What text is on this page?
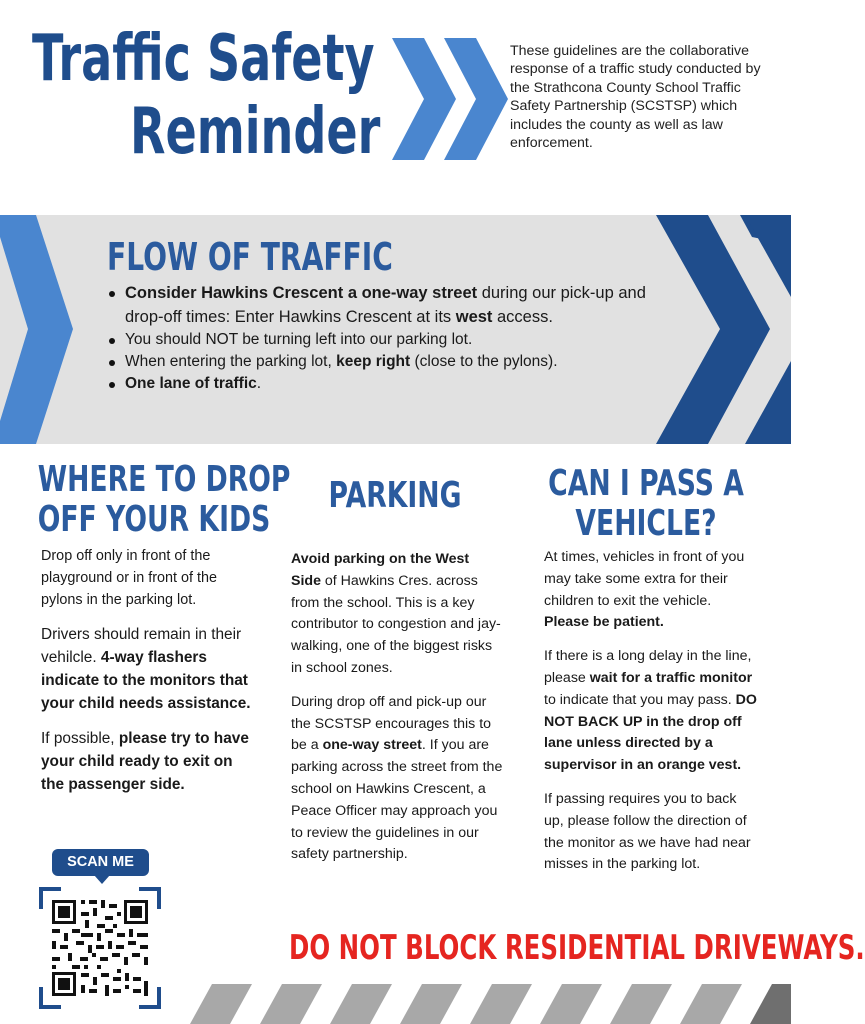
Traffic Safety
Reminder
These guidelines are the collaborative response of a traffic study conducted by the Strathcona County School Traffic Safety Partnership (SCSTSP) which includes the county as well as law enforcement.
FLOW OF TRAFFIC
Consider Hawkins Crescent a one-way street during our pick-up and drop-off times: Enter Hawkins Crescent at its west access.
You should NOT be turning left into our parking lot.
When entering the parking lot, keep right (close to the pylons).
One lane of traffic.
WHERE TO DROP
OFF YOUR KIDS

Drop off only in front of the playground or in front of the pylons in the parking lot.

Drivers should remain in their vehilcle. 4-way flashers indicate to the monitors that your child needs assistance.

If possible, please try to have your child ready to exit on the passenger side.

PARKING

Avoid parking on the West Side of Hawkins Cres. across from the school. This is a key contributor to congestion and jay-walking, one of the biggest risks in school zones.

During drop off and pick-up our the SCSTSP encourages this to be a one-way street. If you are parking across the street from the school on Hawkins Crescent, a Peace Officer may approach you to review the guidelines in our safety partnership.

CAN I PASS A
VEHICLE?

At times, vehicles in front of you may take some extra for their children to exit the vehicle. Please be patient.

If there is a long delay in the line, please wait for a traffic monitor to indicate that you may pass. DO NOT BACK UP in the drop off lane unless directed by a supervisor in an orange vest.

If passing requires you to back up, please follow the direction of the monitor as we have had near misses in the parking lot.

SCAN ME
DO NOT BLOCK RESIDENTIAL DRIVEWAYS.
